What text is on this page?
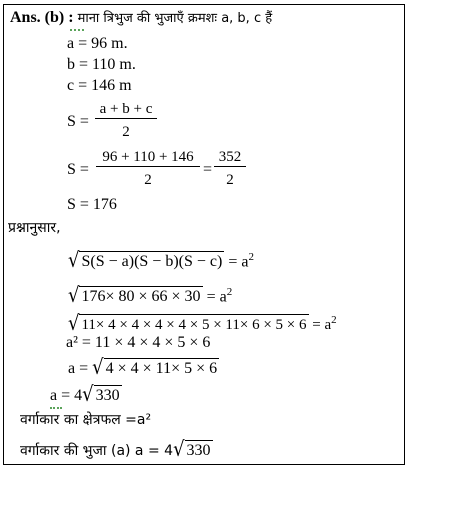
Ans. (b) : माना त्रिभुज की भुजाएँ क्रमशः a, b, c हैं
a = 96 m.
b = 110 m.
c = 146 m
S =
a + b + c
2
S =
96 + 110 + 146
2
=
352
2
S = 176
प्रश्नानुसार,
√ $S(S - a)(S - b)(S - c) = a^2$
√ $176\times 80 \times 66 \times 30 = a^2$
√ $11\times 4 \times 4 \times 4 \times 4 \times 5 \times 11\times 6 \times 5 \times 6 = a^2$
a² = 11 × 4 × 4 × 5 × 6
a = √ 4 × 4 × 11× 5 × 6
a = 4√ 330
वर्गाकार का क्षेत्रफल =a²
वर्गाकार की भुजा (a) a = 4√ 330
